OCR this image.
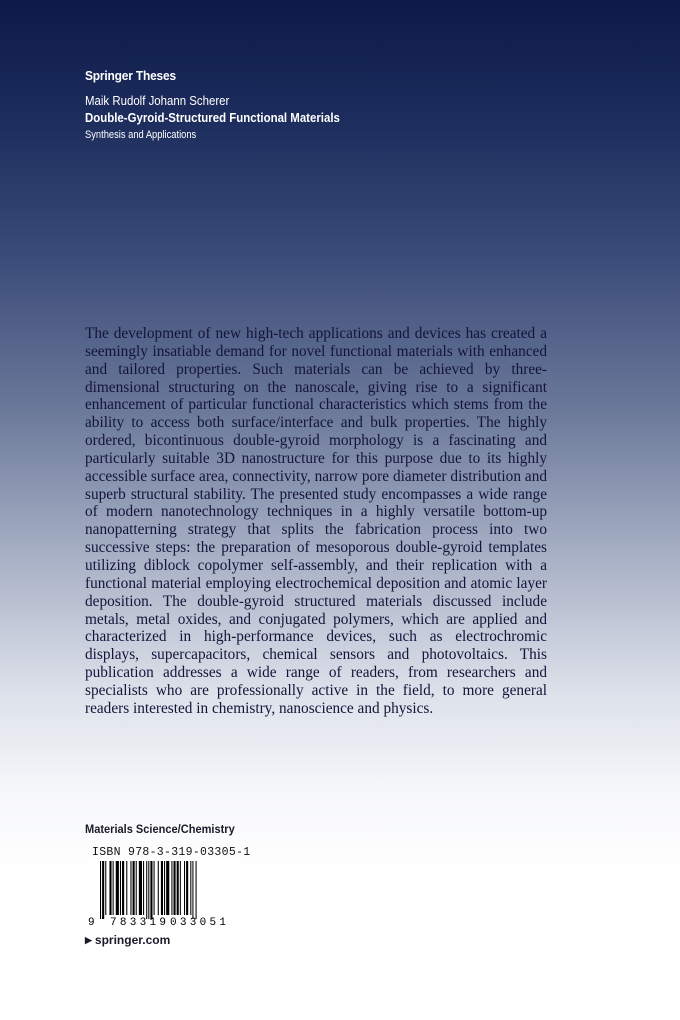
Springer Theses
Maik Rudolf Johann Scherer
Double-Gyroid-Structured Functional Materials
Synthesis and Applications

The development of new high-tech applications and devices has created a seemingly insatiable demand for novel functional materials with enhanced and tailored properties. Such materials can be achieved by three-dimensional structuring on the nanoscale, giving rise to a significant enhancement of particular functional characteristics which stems from the ability to access both surface/interface and bulk properties. The highly ordered, bicontinuous double-gyroid morphology is a fascinating and particularly suitable 3D nanostructure for this purpose due to its highly accessible surface area, connectivity, narrow pore diameter distribution and superb structural stability. The presented study encompasses a wide range of modern nanotechnology techniques in a highly versatile bottom-up nanopatterning strategy that splits the fabrication process into two successive steps: the preparation of mesoporous double-gyroid templates utilizing diblock copolymer self-assembly, and their replication with a functional material employing electrochemical deposition and atomic layer deposition. The double-gyroid structured materials discussed include metals, metal oxides, and conjugated polymers, which are applied and characterized in high-performance devices, such as electrochromic displays, supercapacitors, chemical sensors and photovoltaics. This publication addresses a wide range of readers, from researchers and specialists who are professionally active in the field, to more general readers interested in chemistry, nanoscience and physics.

Materials Science/Chemistry
ISBN 978-3-319-03305-1
9 783319 033051
▶ springer.com
